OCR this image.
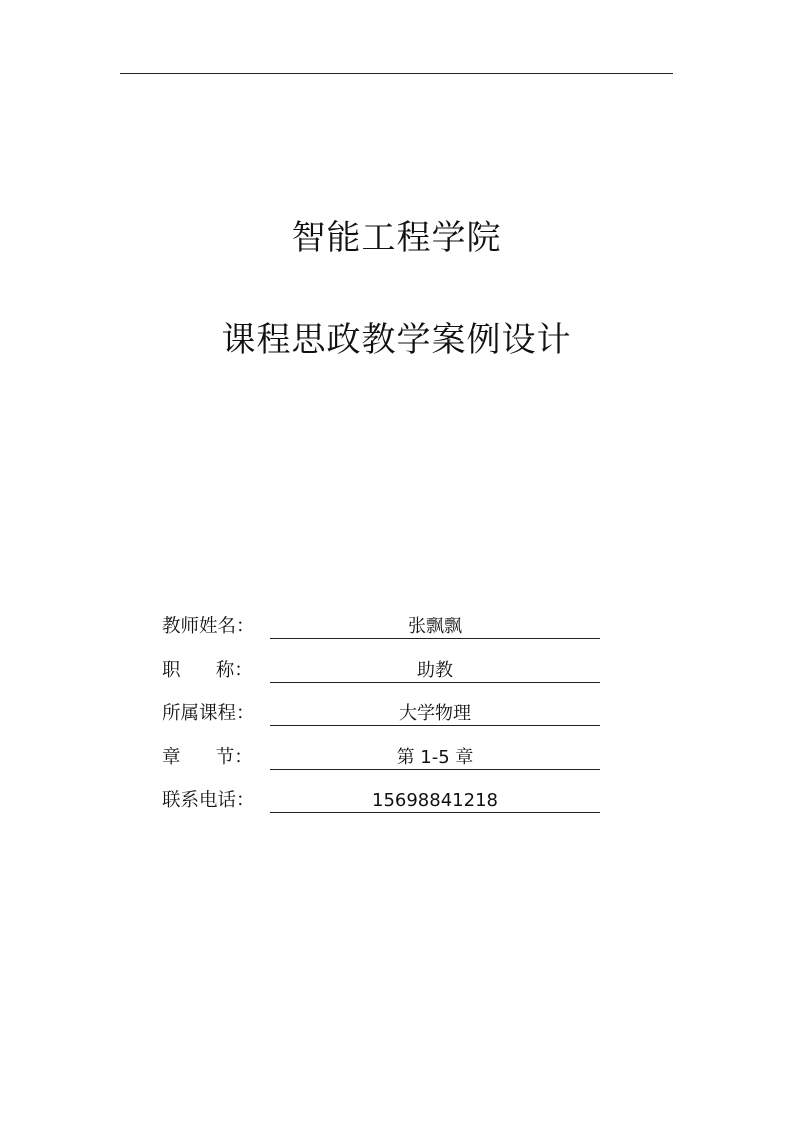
智能工程学院
课程思政教学案例设计
教师姓名：	张飘飘
职      称：	助教
所属课程：	大学物理
章      节：	第 1-5 章
联系电话：	15698841218
